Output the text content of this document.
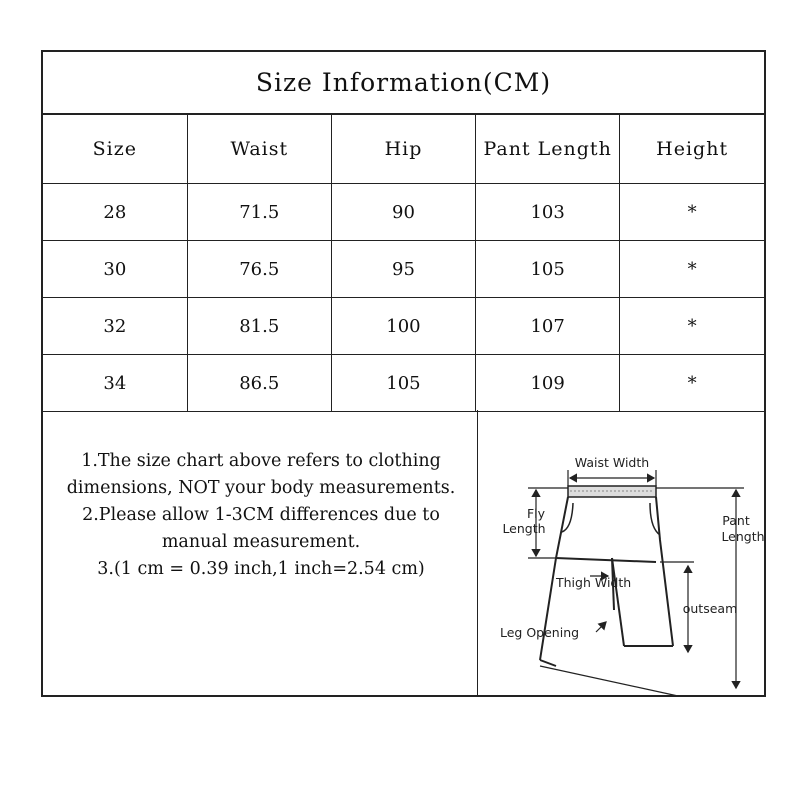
Size Information(CM)
Size	Waist	Hip	Pant Length	Height
28	71.5	90	103	*
30	76.5	95	105	*
32	81.5	100	107	*
34	86.5	105	109	*

1.The size chart above refers to clothing dimensions, NOT your body measurements.

2.Please allow 1-3CM differences due to manual measurement.

3.(1 cm = 0.39 inch,1 inch=2.54 cm)

Waist Width
Fly
Length
Pant
Length
Thigh Width
outseam
Leg Opening
